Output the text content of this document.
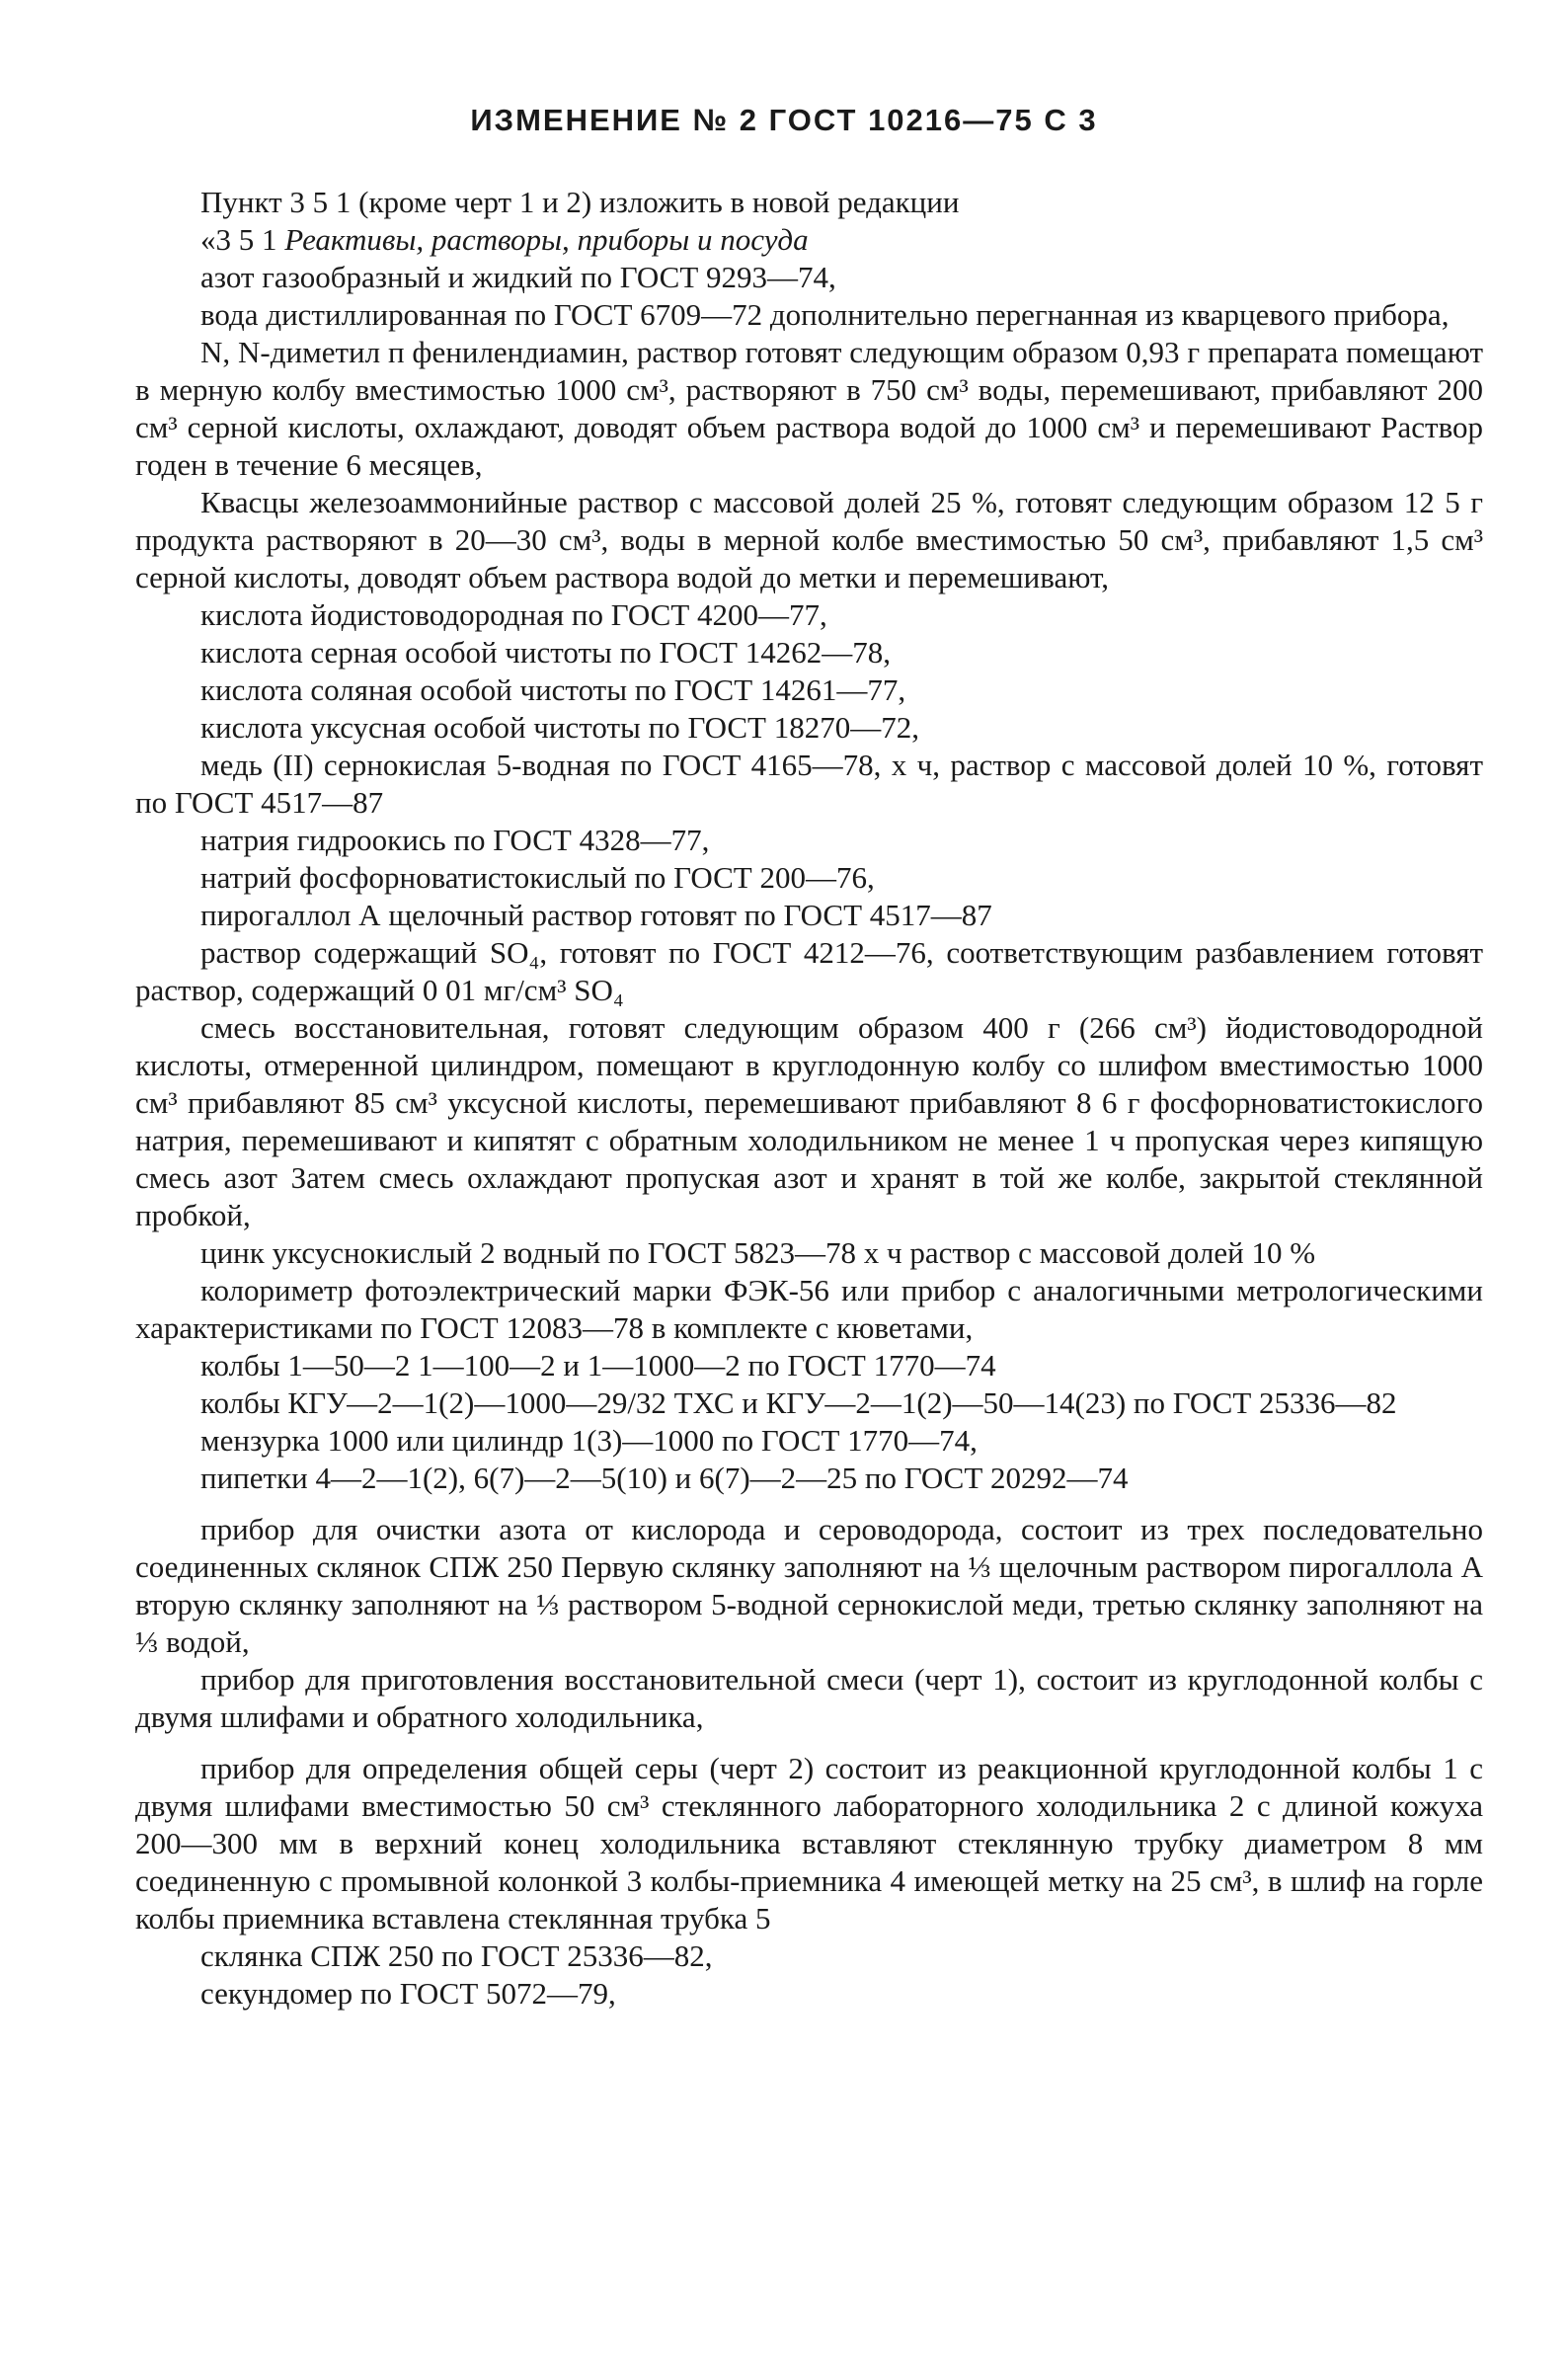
ИЗМЕНЕНИЕ № 2 ГОСТ 10216—75 С 3

Пункт 3 5 1 (кроме черт 1 и 2) изложить в новой редакции

«3 5 1 Реактивы, растворы, приборы и посуда

азот газообразный и жидкий по ГОСТ 9293—74,

вода дистиллированная по ГОСТ 6709—72 дополнительно перегнанная из кварцевого прибора,

N, N-диметил п фенилендиамин, раствор готовят следующим образом 0,93 г препарата помещают в мерную колбу вместимостью 1000 см³, растворяют в 750 см³ воды, перемешивают, прибавляют 200 см³ серной кислоты, охлаждают, доводят объем раствора водой до 1000 см³ и перемешивают Раствор годен в течение 6 месяцев,

Квасцы железоаммонийные раствор с массовой долей 25 %, готовят следующим образом 12 5 г продукта растворяют в 20—30 см³, воды в мерной колбе вместимостью 50 см³, прибавляют 1,5 см³ серной кислоты, доводят объем раствора водой до метки и перемешивают,

кислота йодистоводородная по ГОСТ 4200—77,

кислота серная особой чистоты по ГОСТ 14262—78,

кислота соляная особой чистоты по ГОСТ 14261—77,

кислота уксусная особой чистоты по ГОСТ 18270—72,

медь (II) сернокислая 5-водная по ГОСТ 4165—78, х ч, раствор с массовой долей 10 %, готовят по ГОСТ 4517—87

натрия гидроокись по ГОСТ 4328—77,

натрий фосфорноватистокислый по ГОСТ 200—76,

пирогаллол А щелочный раствор готовят по ГОСТ 4517—87

раствор содержащий SO₄, готовят по ГОСТ 4212—76, соответствующим разбавлением готовят раствор, содержащий 0 01 мг/см³ SO₄

смесь восстановительная, готовят следующим образом 400 г (266 см³) йодистоводородной кислоты, отмеренной цилиндром, помещают в круглодонную колбу со шлифом вместимостью 1000 см³ прибавляют 85 см³ уксусной кислоты, перемешивают прибавляют 8 6 г фосфорноватистокислого натрия, перемешивают и кипятят с обратным холодильником не менее 1 ч пропуская через кипящую смесь азот Затем смесь охлаждают пропуская азот и хранят в той же колбе, закрытой стеклянной пробкой,

цинк уксуснокислый 2 водный по ГОСТ 5823—78 х ч раствор с массовой долей 10 %

колориметр фотоэлектрический марки ФЭК-56 или прибор с аналогичными метрологическими характеристиками по ГОСТ 12083—78 в комплекте с кюветами,

колбы 1—50—2 1—100—2 и 1—1000—2 по ГОСТ 1770—74

колбы КГУ—2—1(2)—1000—29/32 ТХС и КГУ—2—1(2)—50—14(23) по ГОСТ 25336—82

мензурка 1000 или цилиндр 1(3)—1000 по ГОСТ 1770—74,

пипетки 4—2—1(2), 6(7)—2—5(10) и 6(7)—2—25 по ГОСТ 20292—74

прибор для очистки азота от кислорода и сероводорода, состоит из трех последовательно соединенных склянок СПЖ 250 Первую склянку заполняют на ⅓ щелочным раствором пирогаллола А вторую склянку заполняют на ⅓ раствором 5-водной сернокислой меди, третью склянку заполняют на ⅓ водой,

прибор для приготовления восстановительной смеси (черт 1), состоит из круглодонной колбы с двумя шлифами и обратного холодильника,

прибор для определения общей серы (черт 2) состоит из реакционной круглодонной колбы 1 с двумя шлифами вместимостью 50 см³ стеклянного лабораторного холодильника 2 с длиной кожуха 200—300 мм в верхний конец холодильника вставляют стеклянную трубку диаметром 8 мм соединенную с промывной колонкой 3 колбы-приемника 4 имеющей метку на 25 см³, в шлиф на горле колбы приемника вставлена стеклянная трубка 5

склянка СПЖ 250 по ГОСТ 25336—82,

секундомер по ГОСТ 5072—79,
